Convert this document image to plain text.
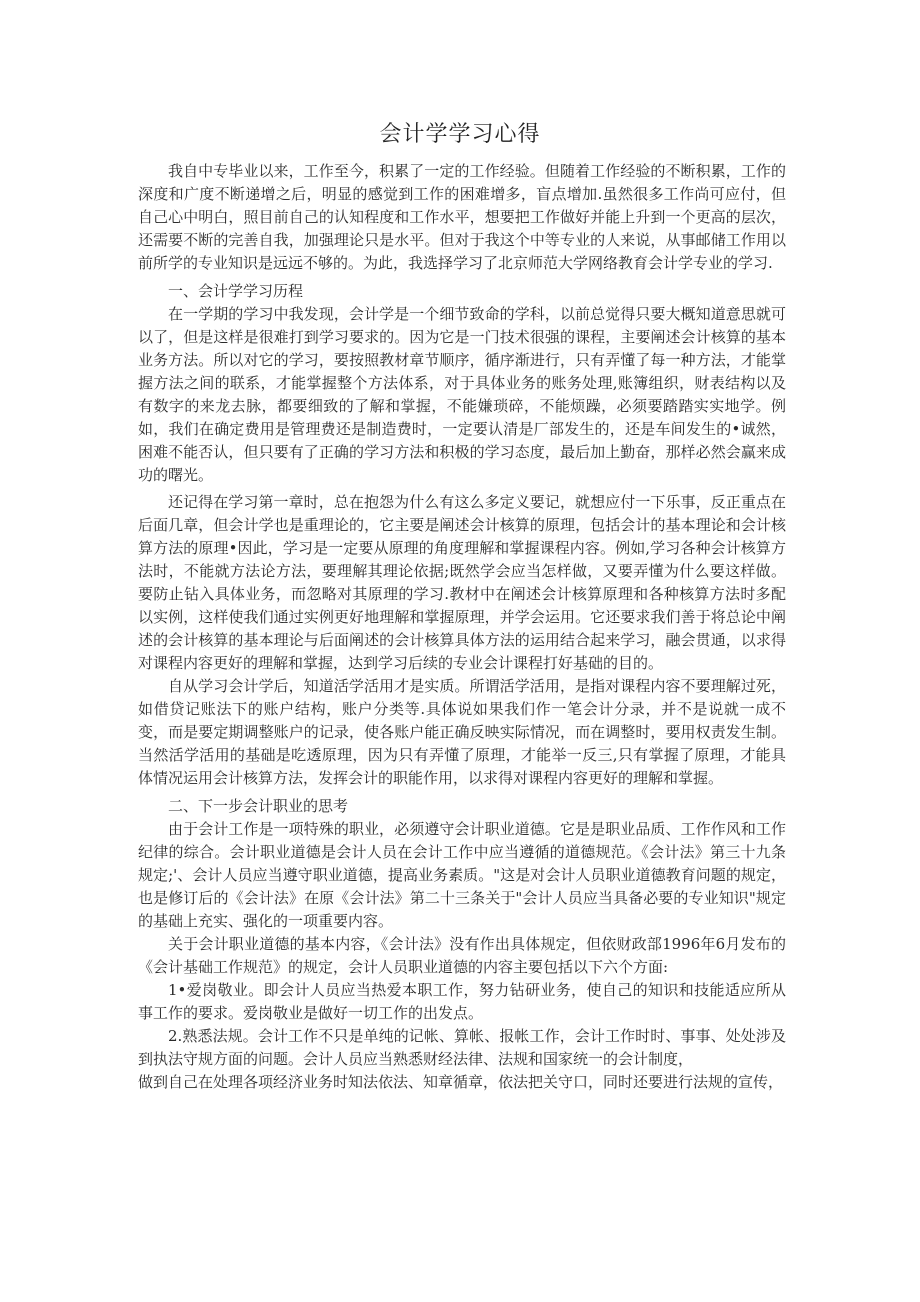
会计学学习心得

我自中专毕业以来，工作至今，积累了一定的工作经验。但随着工作经验的不断积累，工作的深度和广度不断递增之后，明显的感觉到工作的困难增多，盲点增加.虽然很多工作尚可应付，但自己心中明白，照目前自己的认知程度和工作水平，想要把工作做好并能上升到一个更高的层次，还需要不断的完善自我，加强理论只是水平。但对于我这个中等专业的人来说，从事邮储工作用以前所学的专业知识是远远不够的。为此，我选择学习了北京师范大学网络教育会计学专业的学习.

一、会计学学习历程

在一学期的学习中我发现，会计学是一个细节致命的学科，以前总觉得只要大概知道意思就可以了，但是这样是很难打到学习要求的。因为它是一门技术很强的课程，主要阐述会计核算的基本业务方法。所以对它的学习，要按照教材章节顺序，循序渐进行，只有弄懂了每一种方法，才能掌握方法之间的联系，才能掌握整个方法体系，对于具体业务的账务处理,账簿组织，财表结构以及有数字的来龙去脉，都要细致的了解和掌握，不能嫌琐碎，不能烦躁，必须要踏踏实实地学。例如，我们在确定费用是管理费还是制造费时，一定要认清是厂部发生的，还是车间发生的•诚然，困难不能否认，但只要有了正确的学习方法和积极的学习态度，最后加上勤奋，那样必然会赢来成功的曙光。

还记得在学习第一章时，总在抱怨为什么有这么多定义要记，就想应付一下乐事，反正重点在后面几章，但会计学也是重理论的，它主要是阐述会计核算的原理，包括会计的基本理论和会计核算方法的原理•因此，学习是一定要从原理的角度理解和掌握课程内容。例如,学习各种会计核算方法时，不能就方法论方法，要理解其理论依据;既然学会应当怎样做，又要弄懂为什么要这样做。要防止钻入具体业务，而忽略对其原理的学习.教材中在阐述会计核算原理和各种核算方法时多配以实例，这样使我们通过实例更好地理解和掌握原理，并学会运用。它还要求我们善于将总论中阐述的会计核算的基本理论与后面阐述的会计核算具体方法的运用结合起来学习，融会贯通，以求得对课程内容更好的理解和掌握，达到学习后续的专业会计课程打好基础的目的。

自从学习会计学后，知道活学活用才是实质。所谓活学活用，是指对课程内容不要理解过死，如借贷记账法下的账户结构，账户分类等.具体说如果我们作一笔会计分录，并不是说就一成不变，而是要定期调整账户的记录，使各账户能正确反映实际情况，而在调整时，要用权责发生制。当然活学活用的基础是吃透原理，因为只有弄懂了原理，才能举一反三,只有掌握了原理，才能具体情况运用会计核算方法，发挥会计的职能作用，以求得对课程内容更好的理解和掌握。

二、下一步会计职业的思考

由于会计工作是一项特殊的职业，必须遵守会计职业道德。它是是职业品质、工作作风和工作纪律的综合。会计职业道德是会计人员在会计工作中应当遵循的道德规范。《会计法》第三十九条规定;'、会计人员应当遵守职业道德，提高业务素质。"这是对会计人员职业道德教育问题的规定，也是修订后的《会计法》在原《会计法》第二十三条关于"会计人员应当具备必要的专业知识"规定的基础上充实、强化的一项重要内容。

关于会计职业道德的基本内容，《会计法》没有作出具体规定，但依财政部1996年6月发布的《会计基础工作规范》的规定，会计人员职业道德的内容主要包括以下六个方面:

1•爱岗敬业。即会计人员应当热爱本职工作，努力钻研业务，使自己的知识和技能适应所从事工作的要求。爱岗敬业是做好一切工作的出发点。

2.熟悉法规。会计工作不只是单纯的记帐、算帐、报帐工作，会计工作时时、事事、处处涉及到执法守规方面的问题。会计人员应当熟悉财经法律、法规和国家统一的会计制度，

做到自己在处理各项经济业务时知法依法、知章循章，依法把关守口，同时还要进行法规的宣传，
